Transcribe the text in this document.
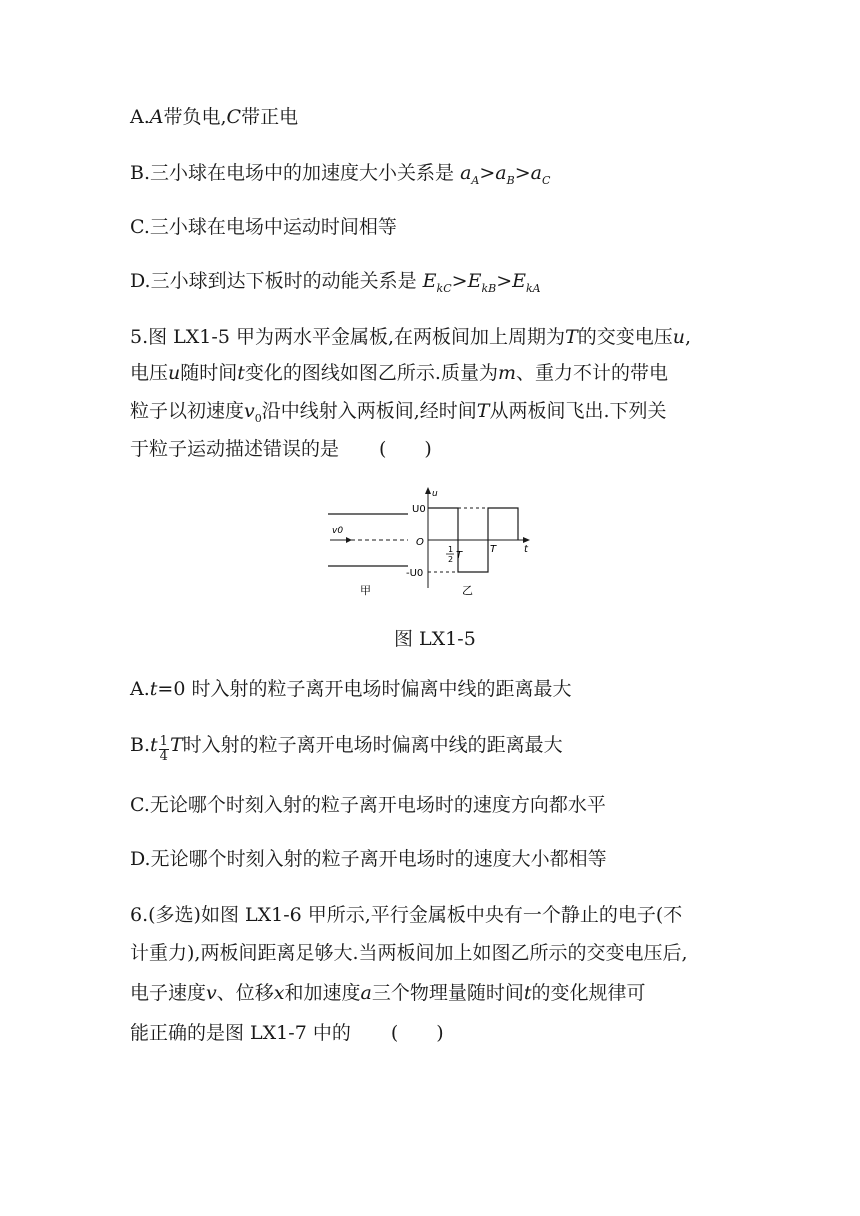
A.A带负电,C带正电
B.三小球在电场中的加速度大小关系是 $a_A>a_B>a_C$
C.三小球在电场中运动时间相等
D.三小球到达下板时的动能关系是 $E_{kC}>E_{kB}>E_{kA}$
5.图 LX1-5 甲为两水平金属板,在两板间加上周期为T的交变电压u,
电压u随时间t变化的图线如图乙所示.质量为m、重力不计的带电
粒子以初速度$v_0$沿中线射入两板间,经时间T从两板间飞出.下列关
于粒子运动描述错误的是 (　　)
v0
甲
u
t
O
U0
-U0
1
2 T
T
乙
图 LX1-5
A.t=0 时入射的粒子离开电场时偏离中线的距离最大
$B.t \frac{1}{4}$ T时入射的粒子离开电场时偏离中线的距离最大
C.无论哪个时刻入射的粒子离开电场时的速度方向都水平
D.无论哪个时刻入射的粒子离开电场时的速度大小都相等
6.(多选)如图 LX1-6 甲所示,平行金属板中央有一个静止的电子(不
计重力),两板间距离足够大.当两板间加上如图乙所示的交变电压后,
电子速度v、位移x和加速度a三个物理量随时间t的变化规律可
能正确的是图 LX1-7 中的 (　　)
